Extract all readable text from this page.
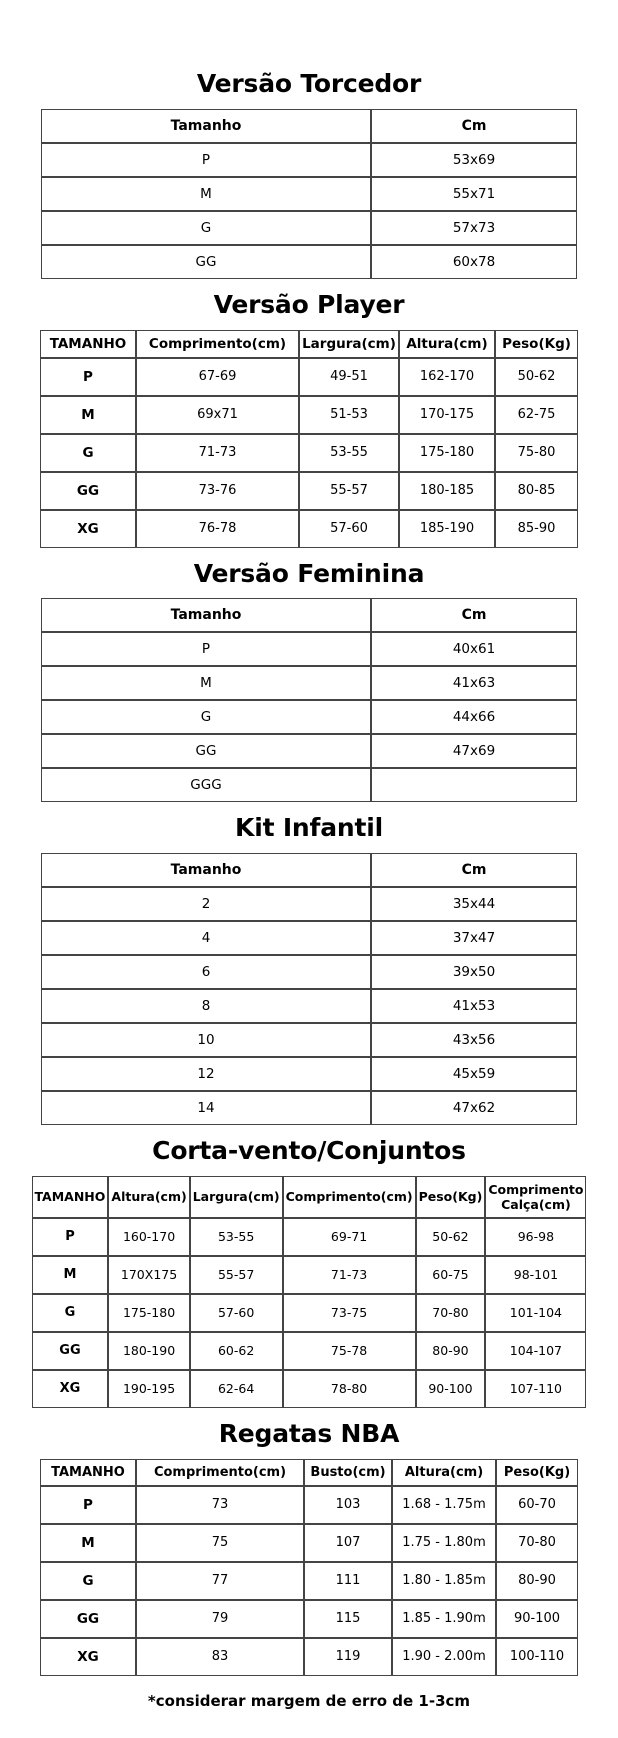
Versão Torcedor
Tamanho	Cm
P	53x69
M	55x71
G	57x73
GG	60x78
Versão Player
TAMANHO	Comprimento(cm)	Largura(cm)	Altura(cm)	Peso(Kg)
P	67-69	49-51	162-170	50-62
M	69x71	51-53	170-175	62-75
G	71-73	53-55	175-180	75-80
GG	73-76	55-57	180-185	80-85
XG	76-78	57-60	185-190	85-90
Versão Feminina
Tamanho	Cm
P	40x61
M	41x63
G	44x66
GG	47x69
GGG	
Kit Infantil
Tamanho	Cm
2	35x44
4	37x47
6	39x50
8	41x53
10	43x56
12	45x59
14	47x62
Corta-vento/Conjuntos
TAMANHO	Altura(cm)	Largura(cm)	Comprimento(cm)	Peso(Kg)	Comprimento Calça(cm)
P	160-170	53-55	69-71	50-62	96-98
M	170X175	55-57	71-73	60-75	98-101
G	175-180	57-60	73-75	70-80	101-104
GG	180-190	60-62	75-78	80-90	104-107
XG	190-195	62-64	78-80	90-100	107-110
Regatas NBA
TAMANHO	Comprimento(cm)	Busto(cm)	Altura(cm)	Peso(Kg)
P	73	103	1.68 - 1.75m	60-70
M	75	107	1.75 - 1.80m	70-80
G	77	111	1.80 - 1.85m	80-90
GG	79	115	1.85 - 1.90m	90-100
XG	83	119	1.90 - 2.00m	100-110
*considerar margem de erro de 1-3cm
